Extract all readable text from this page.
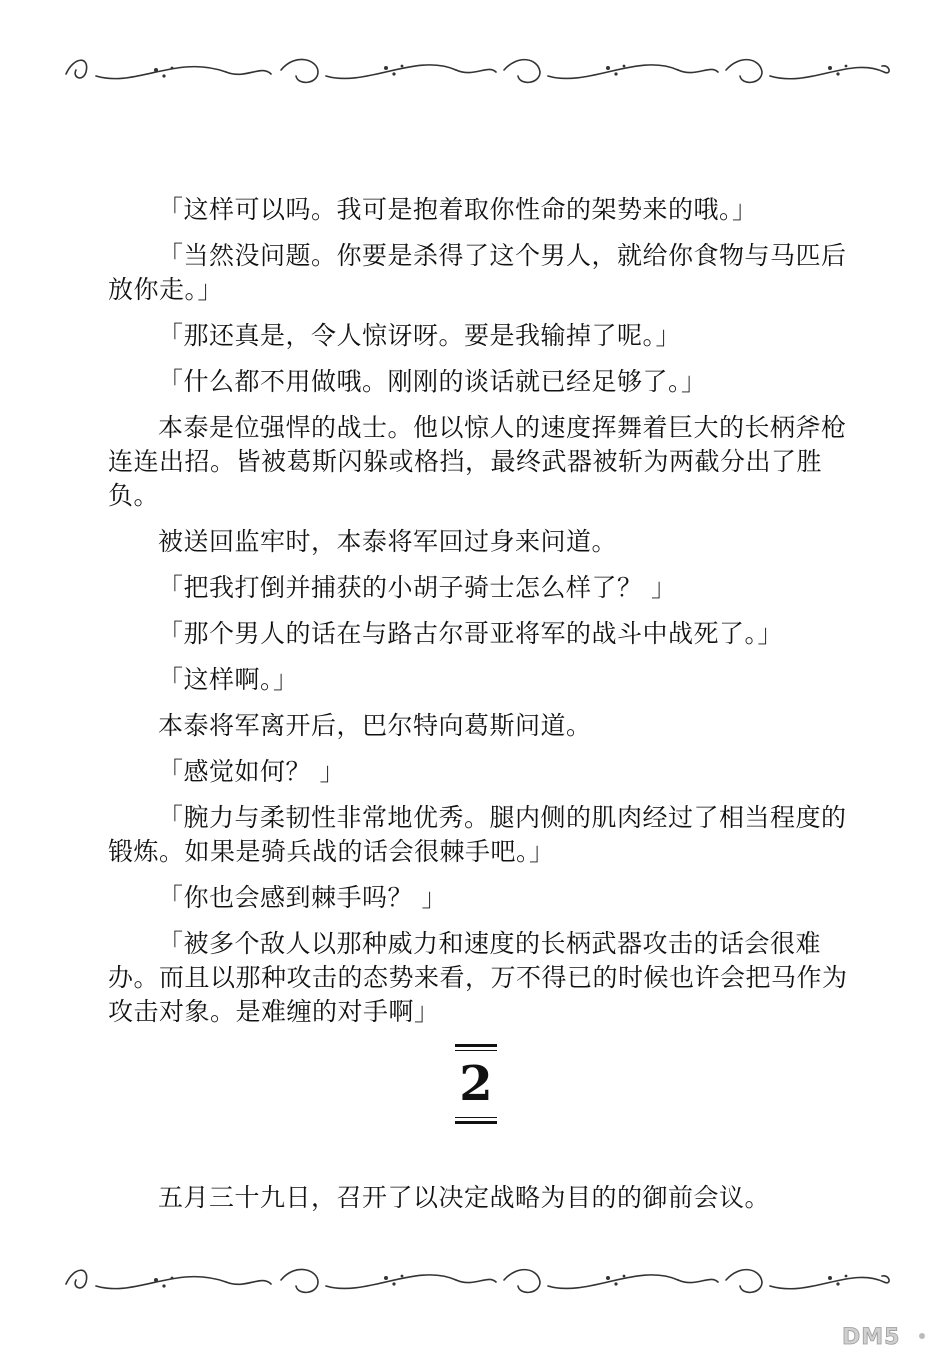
「这样可以吗。我可是抱着取你性命的架势来的哦。」

「当然没问题。你要是杀得了这个男人，就给你食物与马匹后放你走。」

「那还真是，令人惊讶呀。要是我输掉了呢。」

「什么都不用做哦。刚刚的谈话就已经足够了。」

本泰是位强悍的战士。他以惊人的速度挥舞着巨大的长柄斧枪连连出招。皆被葛斯闪躲或格挡，最终武器被斩为两截分出了胜负。

被送回监牢时，本泰将军回过身来问道。

「把我打倒并捕获的小胡子骑士怎么样了？ 」

「那个男人的话在与路古尔哥亚将军的战斗中战死了。」

「这样啊。」

本泰将军离开后，巴尔特向葛斯问道。

「感觉如何？ 」

「腕力与柔韧性非常地优秀。腿内侧的肌肉经过了相当程度的锻炼。如果是骑兵战的话会很棘手吧。」

「你也会感到棘手吗？ 」

「被多个敌人以那种威力和速度的长柄武器攻击的话会很难办。而且以那种攻击的态势来看，万不得已的时候也许会把马作为攻击对象。是难缠的对手啊」

2

五月三十九日，召开了以决定战略为目的的御前会议。

DM5
